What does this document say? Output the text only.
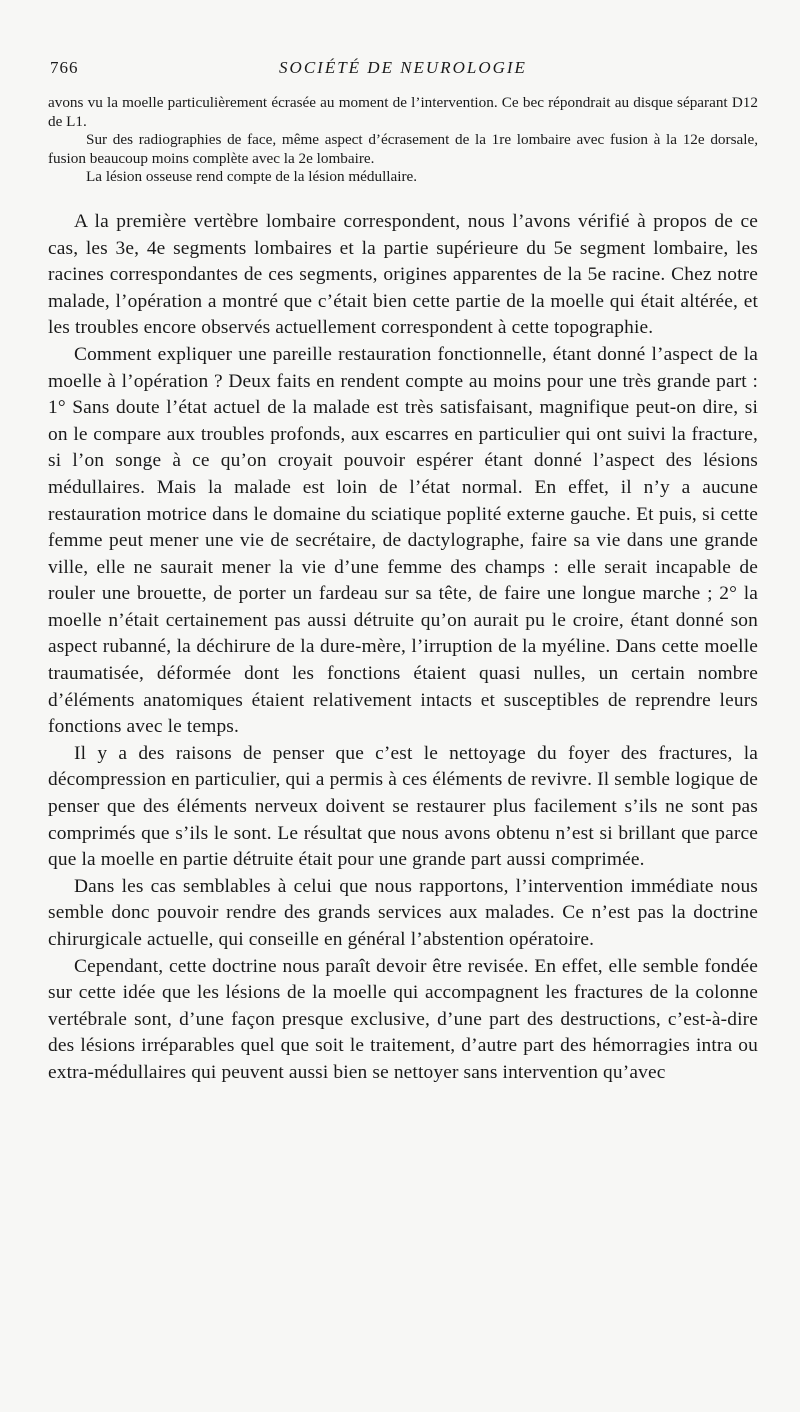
766	SOCIÉTÉ DE NEUROLOGIE

avons vu la moelle particulièrement écrasée au moment de l’intervention. Ce bec répondrait au disque séparant D12 de L1.

Sur des radiographies de face, même aspect d’écrasement de la 1re lombaire avec fusion à la 12e dorsale, fusion beaucoup moins complète avec la 2e lombaire.

La lésion osseuse rend compte de la lésion médullaire.

A la première vertèbre lombaire correspondent, nous l’avons vérifié à propos de ce cas, les 3e, 4e segments lombaires et la partie supérieure du 5e segment lombaire, les racines correspondantes de ces segments, origines apparentes de la 5e racine. Chez notre malade, l’opération a montré que c’était bien cette partie de la moelle qui était altérée, et les troubles encore observés actuellement correspondent à cette topographie.

Comment expliquer une pareille restauration fonctionnelle, étant donné l’aspect de la moelle à l’opération ? Deux faits en rendent compte au moins pour une très grande part : 1° Sans doute l’état actuel de la malade est très satisfaisant, magnifique peut-on dire, si on le compare aux troubles profonds, aux escarres en particulier qui ont suivi la fracture, si l’on songe à ce qu’on croyait pouvoir espérer étant donné l’aspect des lésions médullaires. Mais la malade est loin de l’état normal. En effet, il n’y a aucune restauration motrice dans le domaine du sciatique poplité externe gauche. Et puis, si cette femme peut mener une vie de secrétaire, de dactylographe, faire sa vie dans une grande ville, elle ne saurait mener la vie d’une femme des champs : elle serait incapable de rouler une brouette, de porter un fardeau sur sa tête, de faire une longue marche ; 2° la moelle n’était certainement pas aussi détruite qu’on aurait pu le croire, étant donné son aspect rubanné, la déchirure de la dure-mère, l’irruption de la myéline. Dans cette moelle traumatisée, déformée dont les fonctions étaient quasi nulles, un certain nombre d’éléments anatomiques étaient relativement intacts et susceptibles de reprendre leurs fonctions avec le temps.

Il y a des raisons de penser que c’est le nettoyage du foyer des fractures, la décompression en particulier, qui a permis à ces éléments de revivre. Il semble logique de penser que des éléments nerveux doivent se restaurer plus facilement s’ils ne sont pas comprimés que s’ils le sont. Le résultat que nous avons obtenu n’est si brillant que parce que la moelle en partie détruite était pour une grande part aussi comprimée.

Dans les cas semblables à celui que nous rapportons, l’intervention immédiate nous semble donc pouvoir rendre des grands services aux malades. Ce n’est pas la doctrine chirurgicale actuelle, qui conseille en général l’abstention opératoire.

Cependant, cette doctrine nous paraît devoir être revisée. En effet, elle semble fondée sur cette idée que les lésions de la moelle qui accompagnent les fractures de la colonne vertébrale sont, d’une façon presque exclusive, d’une part des destructions, c’est-à-dire des lésions irréparables quel que soit le traitement, d’autre part des hémorragies intra ou extra-médullaires qui peuvent aussi bien se nettoyer sans intervention qu’avec
